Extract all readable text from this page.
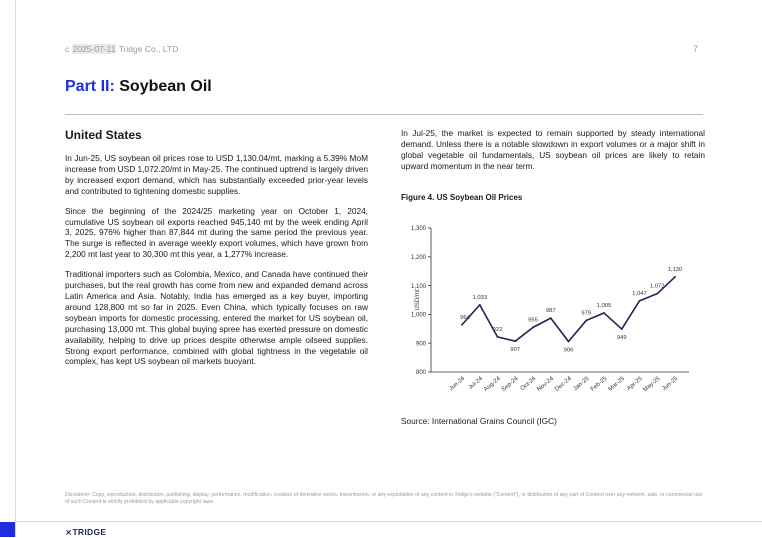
c 2025-07-11 Tridge Co., LTD	7
Part II: Soybean Oil
United States

In Jun-25, US soybean oil prices rose to USD 1,130.04/mt, marking a 5.39% MoM increase from USD 1,072.20/mt in May-25. The continued uptrend is largely driven by increased export demand, which has substantially exceeded prior-year levels and contributed to tightening domestic supplies.

Since the beginning of the 2024/25 marketing year on October 1, 2024, cumulative US soybean oil exports reached 945,140 mt by the week ending April 3, 2025, 976% higher than 87,844 mt during the same period the previous year. The surge is reflected in average weekly export volumes, which have grown from 2,200 mt last year to 30,300 mt this year, a 1,277% increase.

Traditional importers such as Colombia, Mexico, and Canada have continued their purchases, but the real growth has come from new and expanded demand across Latin America and Asia. Notably, India has emerged as a key buyer, importing around 128,800 mt so far in 2025. Even China, which typically focuses on raw soybean imports for domestic processing, entered the market for US soybean oil, purchasing 13,000 mt. This global buying spree has exerted pressure on domestic availability, helping to drive up prices despite otherwise ample oilseed supplies. Strong export performance, combined with global tightness in the vegetable oil complex, has kept US soybean oil markets buoyant.

In Jul-25, the market is expected to remain supported by steady international demand. Unless there is a notable slowdown in export volumes or a major shift in global vegetable oil fundamentals, US soybean oil prices are likely to retain upward momentum in the near term.

Figure 4. US Soybean Oil Prices
800
900
1,000
1,100
1,200
1,300
USD/mt
Jun-24 Jul-24 Aug-24 Sep-24 Oct-24 Nov-24 Dec-24 Jan-25 Feb-25 Mar-25 Apr-25
May-25 Jun-25
964
1,033
922
907
955
987
906
979
1,005
949
1,047
1,072
1,130
Source: International Grains Council (IGC)
Disclaimer: Copy, reproduction, distribution, publishing, display, performance, modification, creation of derivative works, transmission, or any exploitation of any content in Tridge's website ("Content"), or distribution of any part of Content over any network, sale, or commercial use of such Content is strictly prohibited by applicable copyright laws.
⨯TRIDGE
